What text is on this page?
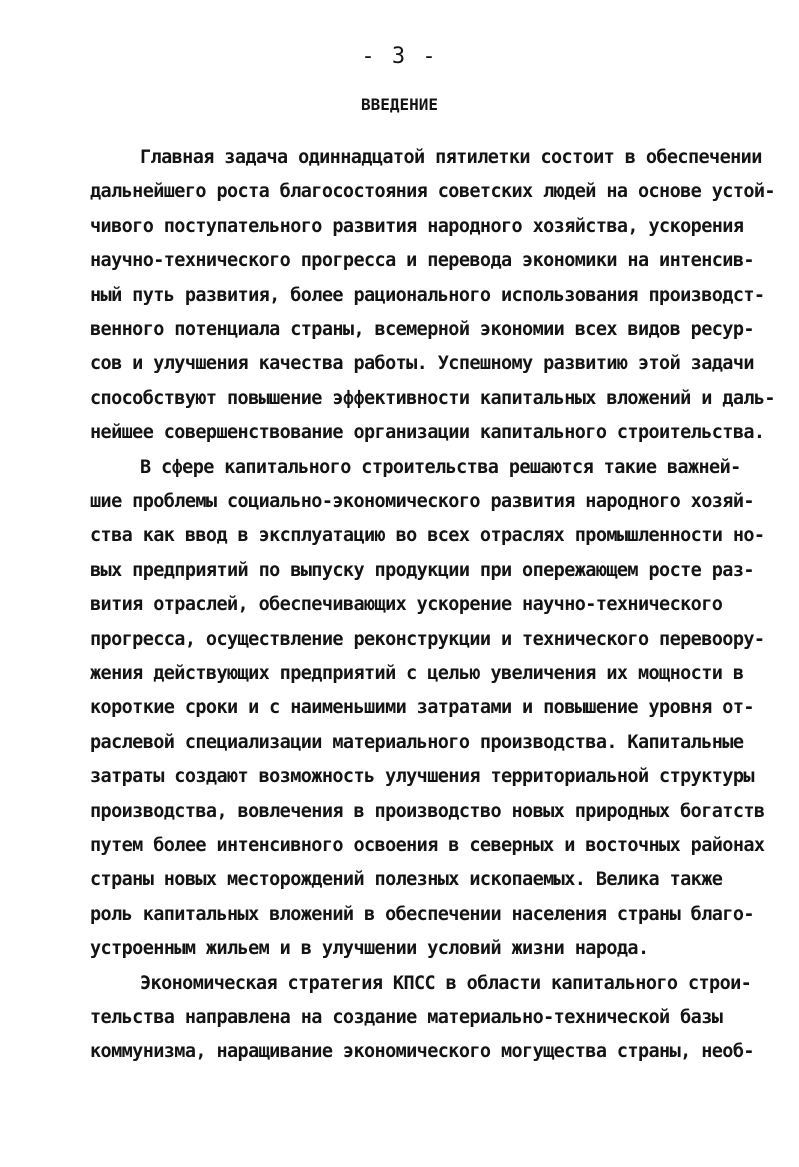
- 3 -
ВВЕДЕНИЕ
Главная задача одиннадцатой пятилетки состоит в обеспечении
дальнейшего роста благосостояния советских людей на основе устой-
чивого поступательного развития народного хозяйства, ускорения
научно-технического прогресса и перевода экономики на интенсив-
ный путь развития, более рационального использования производст-
венного потенциала страны, всемерной экономии всех видов ресур-
сов и улучшения качества работы. Успешному развитию этой задачи
способствуют повышение эффективности капитальных вложений и даль-
нейшее совершенствование организации капитального строительства.
В сфере капитального строительства решаются такие важней-
шие проблемы социально-экономического развития народного хозяй-
ства как ввод в эксплуатацию во всех отраслях промышленности но-
вых предприятий по выпуску продукции при опережающем росте раз-
вития отраслей, обеспечивающих ускорение научно-технического
прогресса, осуществление реконструкции и технического перевоору-
жения действующих предприятий с целью увеличения их мощности в
короткие сроки и с наименьшими затратами и повышение уровня от-
раслевой специализации материального производства. Капитальные
затраты создают возможность улучшения территориальной структуры
производства, вовлечения в производство новых природных богатств
путем более интенсивного освоения в северных и восточных районах
страны новых месторождений полезных ископаемых. Велика также
роль капитальных вложений в обеспечении населения страны благо-
устроенным жильем и в улучшении условий жизни народа.
Экономическая стратегия КПСС в области капитального строи-
тельства направлена на создание материально-технической базы
коммунизма, наращивание экономического могущества страны, необ-
